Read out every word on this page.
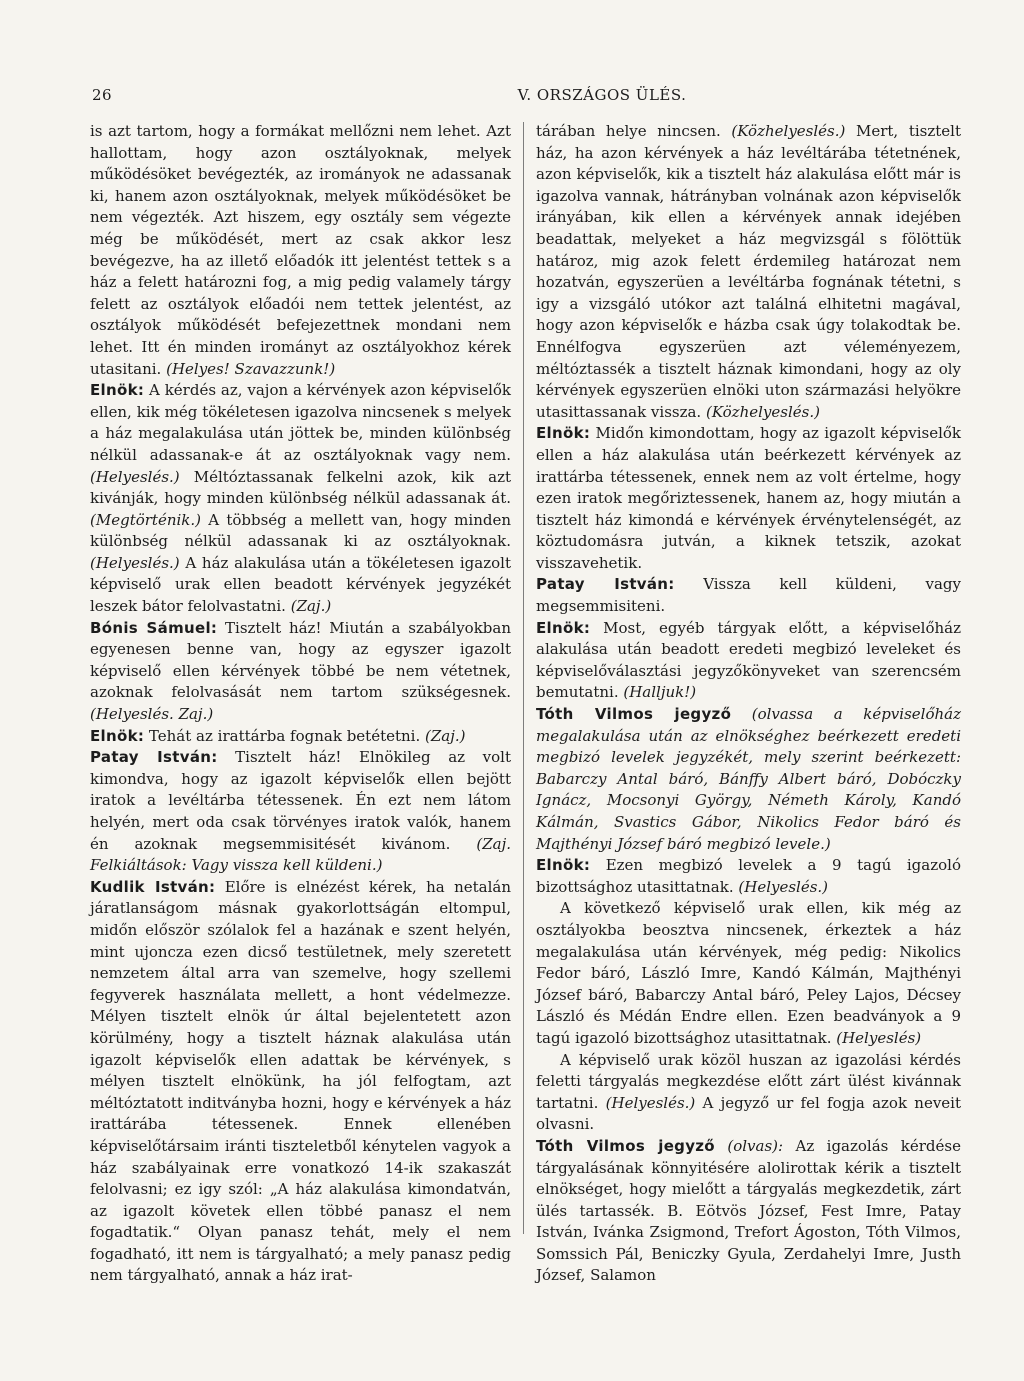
26	V. ORSZÁGOS ÜLÉS.

is azt tartom, hogy a formákat mellőzni nem lehet. Azt hallottam, hogy azon osztályoknak, melyek működésöket bevégezték, az irományok ne adassanak ki, hanem azon osztályoknak, melyek működésöket be nem végezték. Azt hiszem, egy osztály sem végezte még be működését, mert az csak akkor lesz bevégezve, ha az illető előadók itt jelentést tettek s a ház a felett határozni fog, a mig pedig valamely tárgy felett az osztályok előadói nem tettek jelentést, az osztályok működését befejezettnek mondani nem lehet. Itt én minden irományt az osztályokhoz kérek utasitani. (Helyes! Szavazzunk!)

Elnök: A kérdés az, vajon a kérvények azon képviselők ellen, kik még tökéletesen igazolva nincsenek s melyek a ház megalakulása után jöttek be, minden különbség nélkül adassanak-e át az osztályoknak vagy nem. (Helyeslés.) Méltóztassanak felkelni azok, kik azt kivánják, hogy minden különbség nélkül adassanak át. (Megtörténik.) A többség a mellett van, hogy minden különbség nélkül adassanak ki az osztályoknak. (Helyeslés.) A ház alakulása után a tökéletesen igazolt képviselő urak ellen beadott kérvények jegyzékét leszek bátor felolvastatni. (Zaj.)

Bónis Sámuel: Tisztelt ház! Miután a szabályokban egyenesen benne van, hogy az egyszer igazolt képviselő ellen kérvények többé be nem vétetnek, azoknak felolvasását nem tartom szükségesnek. (Helyeslés. Zaj.)

Elnök: Tehát az irattárba fognak betétetni. (Zaj.)

Patay István: Tisztelt ház! Elnökileg az volt kimondva, hogy az igazolt képviselők ellen bejött iratok a levéltárba tétessenek. Én ezt nem látom helyén, mert oda csak törvényes iratok valók, hanem én azoknak megsemmisitését kivánom. (Zaj. Felkiáltások: Vagy vissza kell küldeni.)

Kudlik István: Előre is elnézést kérek, ha netalán járatlanságom másnak gyakorlottságán eltompul, midőn először szólalok fel a hazának e szent helyén, mint ujoncza ezen dicső testületnek, mely szeretett nemzetem által arra van szemelve, hogy szellemi fegyverek használata mellett, a hont védelmezze. Mélyen tisztelt elnök úr által bejelentetett azon körülmény, hogy a tisztelt háznak alakulása után igazolt képviselők ellen adattak be kérvények, s mélyen tisztelt elnökünk, ha jól felfogtam, azt méltóztatott inditványba hozni, hogy e kérvények a ház irattárába tétessenek. Ennek ellenében képviselőtársaim iránti tiszteletből kénytelen vagyok a ház szabályainak erre vonatkozó 14-ik szakaszát felolvasni; ez igy szól: „A ház alakulása kimondatván, az igazolt követek ellen többé panasz el nem fogadtatik.“ Olyan panasz tehát, mely el nem fogadható, itt nem is tárgyalható; a mely panasz pedig nem tárgyalható, annak a ház irat-

tárában helye nincsen. (Közhelyeslés.) Mert, tisztelt ház, ha azon kérvények a ház levéltárába tétetnének, azon képviselők, kik a tisztelt ház alakulása előtt már is igazolva vannak, hátrányban volnának azon képviselők irányában, kik ellen a kérvények annak idejében beadattak, melyeket a ház megvizsgál s fölöttük határoz, mig azok felett érdemileg határozat nem hozatván, egyszerüen a levéltárba fognának tétetni, s igy a vizsgáló utókor azt találná elhitetni magával, hogy azon képviselők e házba csak úgy tolakodtak be. Ennélfogva egyszerüen azt véleményezem, méltóztassék a tisztelt háznak kimondani, hogy az oly kérvények egyszerüen elnöki uton származási helyökre utasittassanak vissza. (Közhelyeslés.)

Elnök: Midőn kimondottam, hogy az igazolt képviselők ellen a ház alakulása után beérkezett kérvények az irattárba tétessenek, ennek nem az volt értelme, hogy ezen iratok megőriztessenek, hanem az, hogy miután a tisztelt ház kimondá e kérvények érvénytelenségét, az köztudomásra jutván, a kiknek tetszik, azokat visszavehetik.

Patay István: Vissza kell küldeni, vagy megsemmisiteni.

Elnök: Most, egyéb tárgyak előtt, a képviselőház alakulása után beadott eredeti megbizó leveleket és képviselőválasztási jegyzőkönyveket van szerencsém bemutatni. (Halljuk!)

Tóth Vilmos jegyző (olvassa a képviselőház megalakulása után az elnökséghez beérkezett eredeti megbizó levelek jegyzékét, mely szerint beérkezett: Babarczy Antal báró, Bánffy Albert báró, Dobóczky Ignácz, Mocsonyi György, Németh Károly, Kandó Kálmán, Svastics Gábor, Nikolics Fedor báró és Majthényi József báró megbizó levele.)

Elnök: Ezen megbizó levelek a 9 tagú igazoló bizottsághoz utasittatnak. (Helyeslés.)

A következő képviselő urak ellen, kik még az osztályokba beosztva nincsenek, érkeztek a ház megalakulása után kérvények, még pedig: Nikolics Fedor báró, László Imre, Kandó Kálmán, Majthényi József báró, Babarczy Antal báró, Peley Lajos, Décsey László és Médán Endre ellen. Ezen beadványok a 9 tagú igazoló bizottsághoz utasittatnak. (Helyeslés)

A képviselő urak közöl huszan az igazolási kérdés feletti tárgyalás megkezdése előtt zárt ülést kivánnak tartatni. (Helyeslés.) A jegyző ur fel fogja azok neveit olvasni.

Tóth Vilmos jegyző (olvas): Az igazolás kérdése tárgyalásának könnyitésére alolirottak kérik a tisztelt elnökséget, hogy mielőtt a tárgyalás megkezdetik, zárt ülés tartassék. B. Eötvös József, Fest Imre, Patay István, Ivánka Zsigmond, Trefort Ágoston, Tóth Vilmos, Somssich Pál, Beniczky Gyula, Zerdahelyi Imre, Justh József, Salamon
